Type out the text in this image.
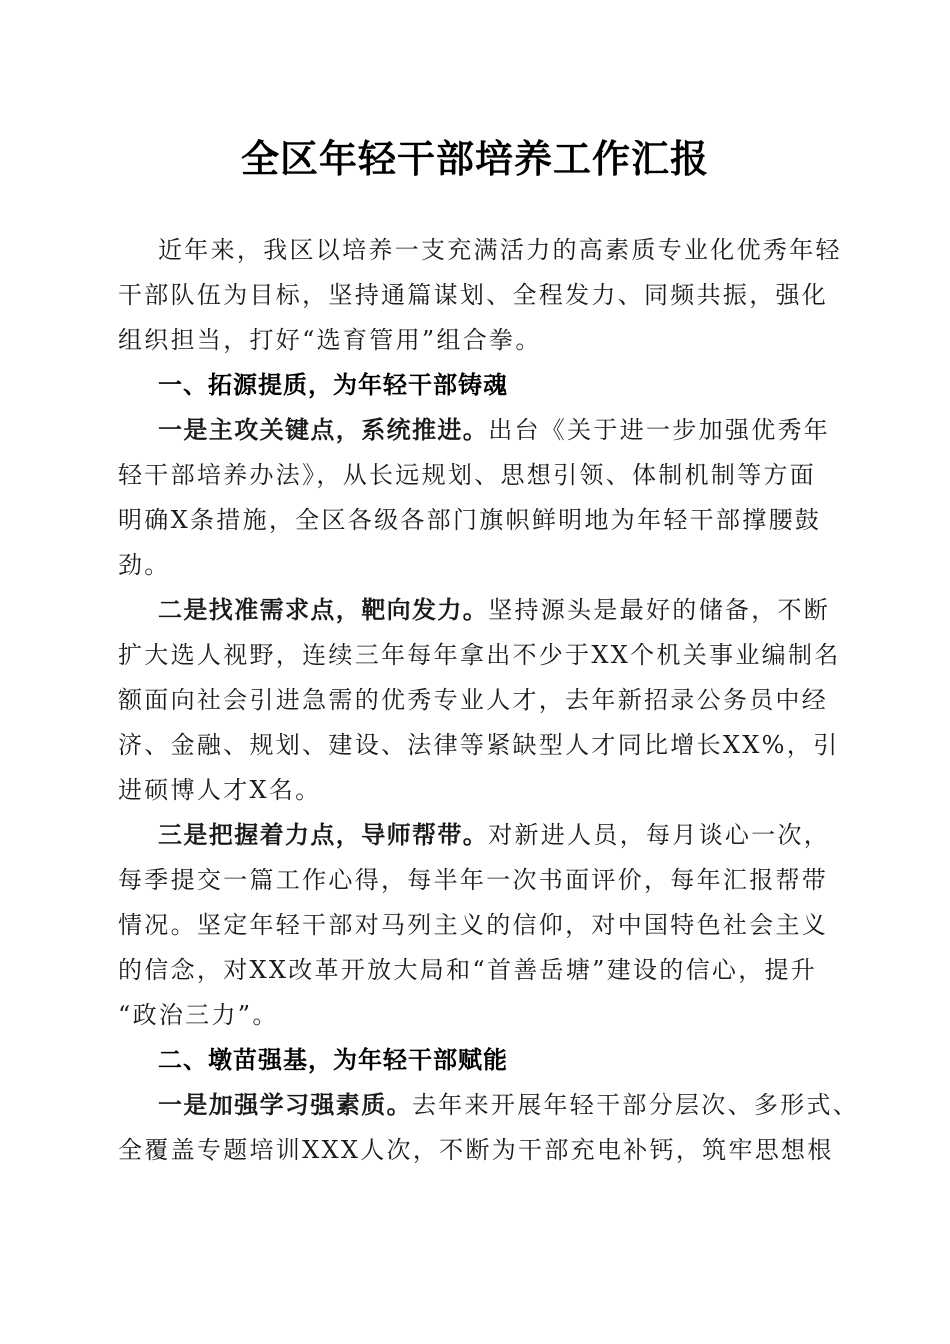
全区年轻干部培养工作汇报
近年来，我区以培养一支充满活力的高素质专业化优秀年轻
干部队伍为目标，坚持通篇谋划、全程发力、同频共振，强化
组织担当，打好“选育管用”组合拳。
一、拓源提质，为年轻干部铸魂
一是主攻关键点，系统推进。出台《关于进一步加强优秀年
轻干部培养办法》，从长远规划、思想引领、体制机制等方面
明确X条措施，全区各级各部门旗帜鲜明地为年轻干部撑腰鼓
劲。
二是找准需求点，靶向发力。坚持源头是最好的储备，不断
扩大选人视野，连续三年每年拿出不少于XX个机关事业编制名
额面向社会引进急需的优秀专业人才，去年新招录公务员中经
济、金融、规划、建设、法律等紧缺型人才同比增长XX%，引
进硕博人才X名。
三是把握着力点，导师帮带。对新进人员，每月谈心一次，
每季提交一篇工作心得，每半年一次书面评价，每年汇报帮带
情况。坚定年轻干部对马列主义的信仰，对中国特色社会主义
的信念，对XX改革开放大局和“首善岳塘”建设的信心，提升
“政治三力”。
二、墩苗强基，为年轻干部赋能
一是加强学习强素质。去年来开展年轻干部分层次、多形式、
全覆盖专题培训XXX人次，不断为干部充电补钙，筑牢思想根
